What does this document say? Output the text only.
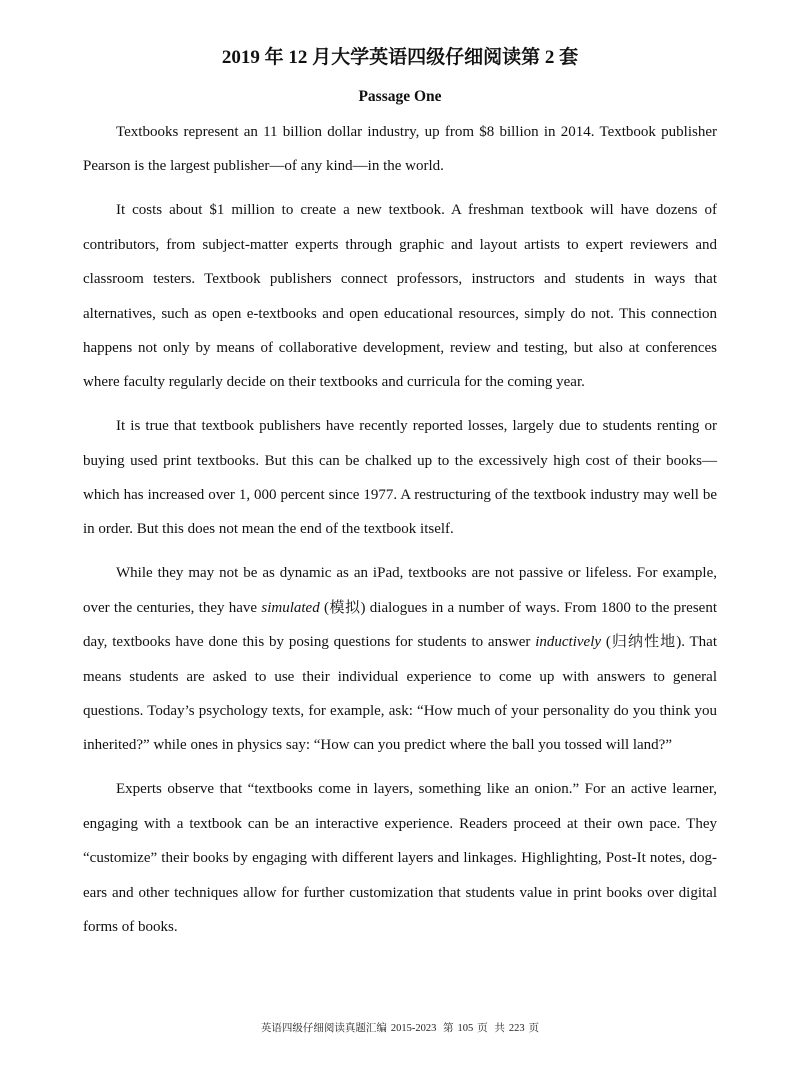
2019 年 12 月大学英语四级仔细阅读第 2 套
Passage One

Textbooks represent an 11 billion dollar industry, up from $8 billion in 2014. Textbook publisher Pearson is the largest publisher—of any kind—in the world.

It costs about $1 million to create a new textbook. A freshman textbook will have dozens of contributors, from subject-matter experts through graphic and layout artists to expert reviewers and classroom testers. Textbook publishers connect professors, instructors and students in ways that alternatives, such as open e-textbooks and open educational resources, simply do not. This connection happens not only by means of collaborative development, review and testing, but also at conferences where faculty regularly decide on their textbooks and curricula for the coming year.

It is true that textbook publishers have recently reported losses, largely due to students renting or buying used print textbooks. But this can be chalked up to the excessively high cost of their books—which has increased over 1, 000 percent since 1977. A restructuring of the textbook industry may well be in order. But this does not mean the end of the textbook itself.

While they may not be as dynamic as an iPad, textbooks are not passive or lifeless. For example, over the centuries, they have simulated (模拟) dialogues in a number of ways. From 1800 to the present day, textbooks have done this by posing questions for students to answer inductively (归纳性地). That means students are asked to use their individual experience to come up with answers to general questions. Today’s psychology texts, for example, ask: “How much of your personality do you think you inherited?” while ones in physics say: “How can you predict where the ball you tossed will land?”

Experts observe that “textbooks come in layers, something like an onion.” For an active learner, engaging with a textbook can be an interactive experience. Readers proceed at their own pace. They “customize” their books by engaging with different layers and linkages. Highlighting, Post-It notes, dog-ears and other techniques allow for further customization that students value in print books over digital forms of books.

英语四级仔细阅读真题汇编 2015-2023 第 105 页 共 223 页
